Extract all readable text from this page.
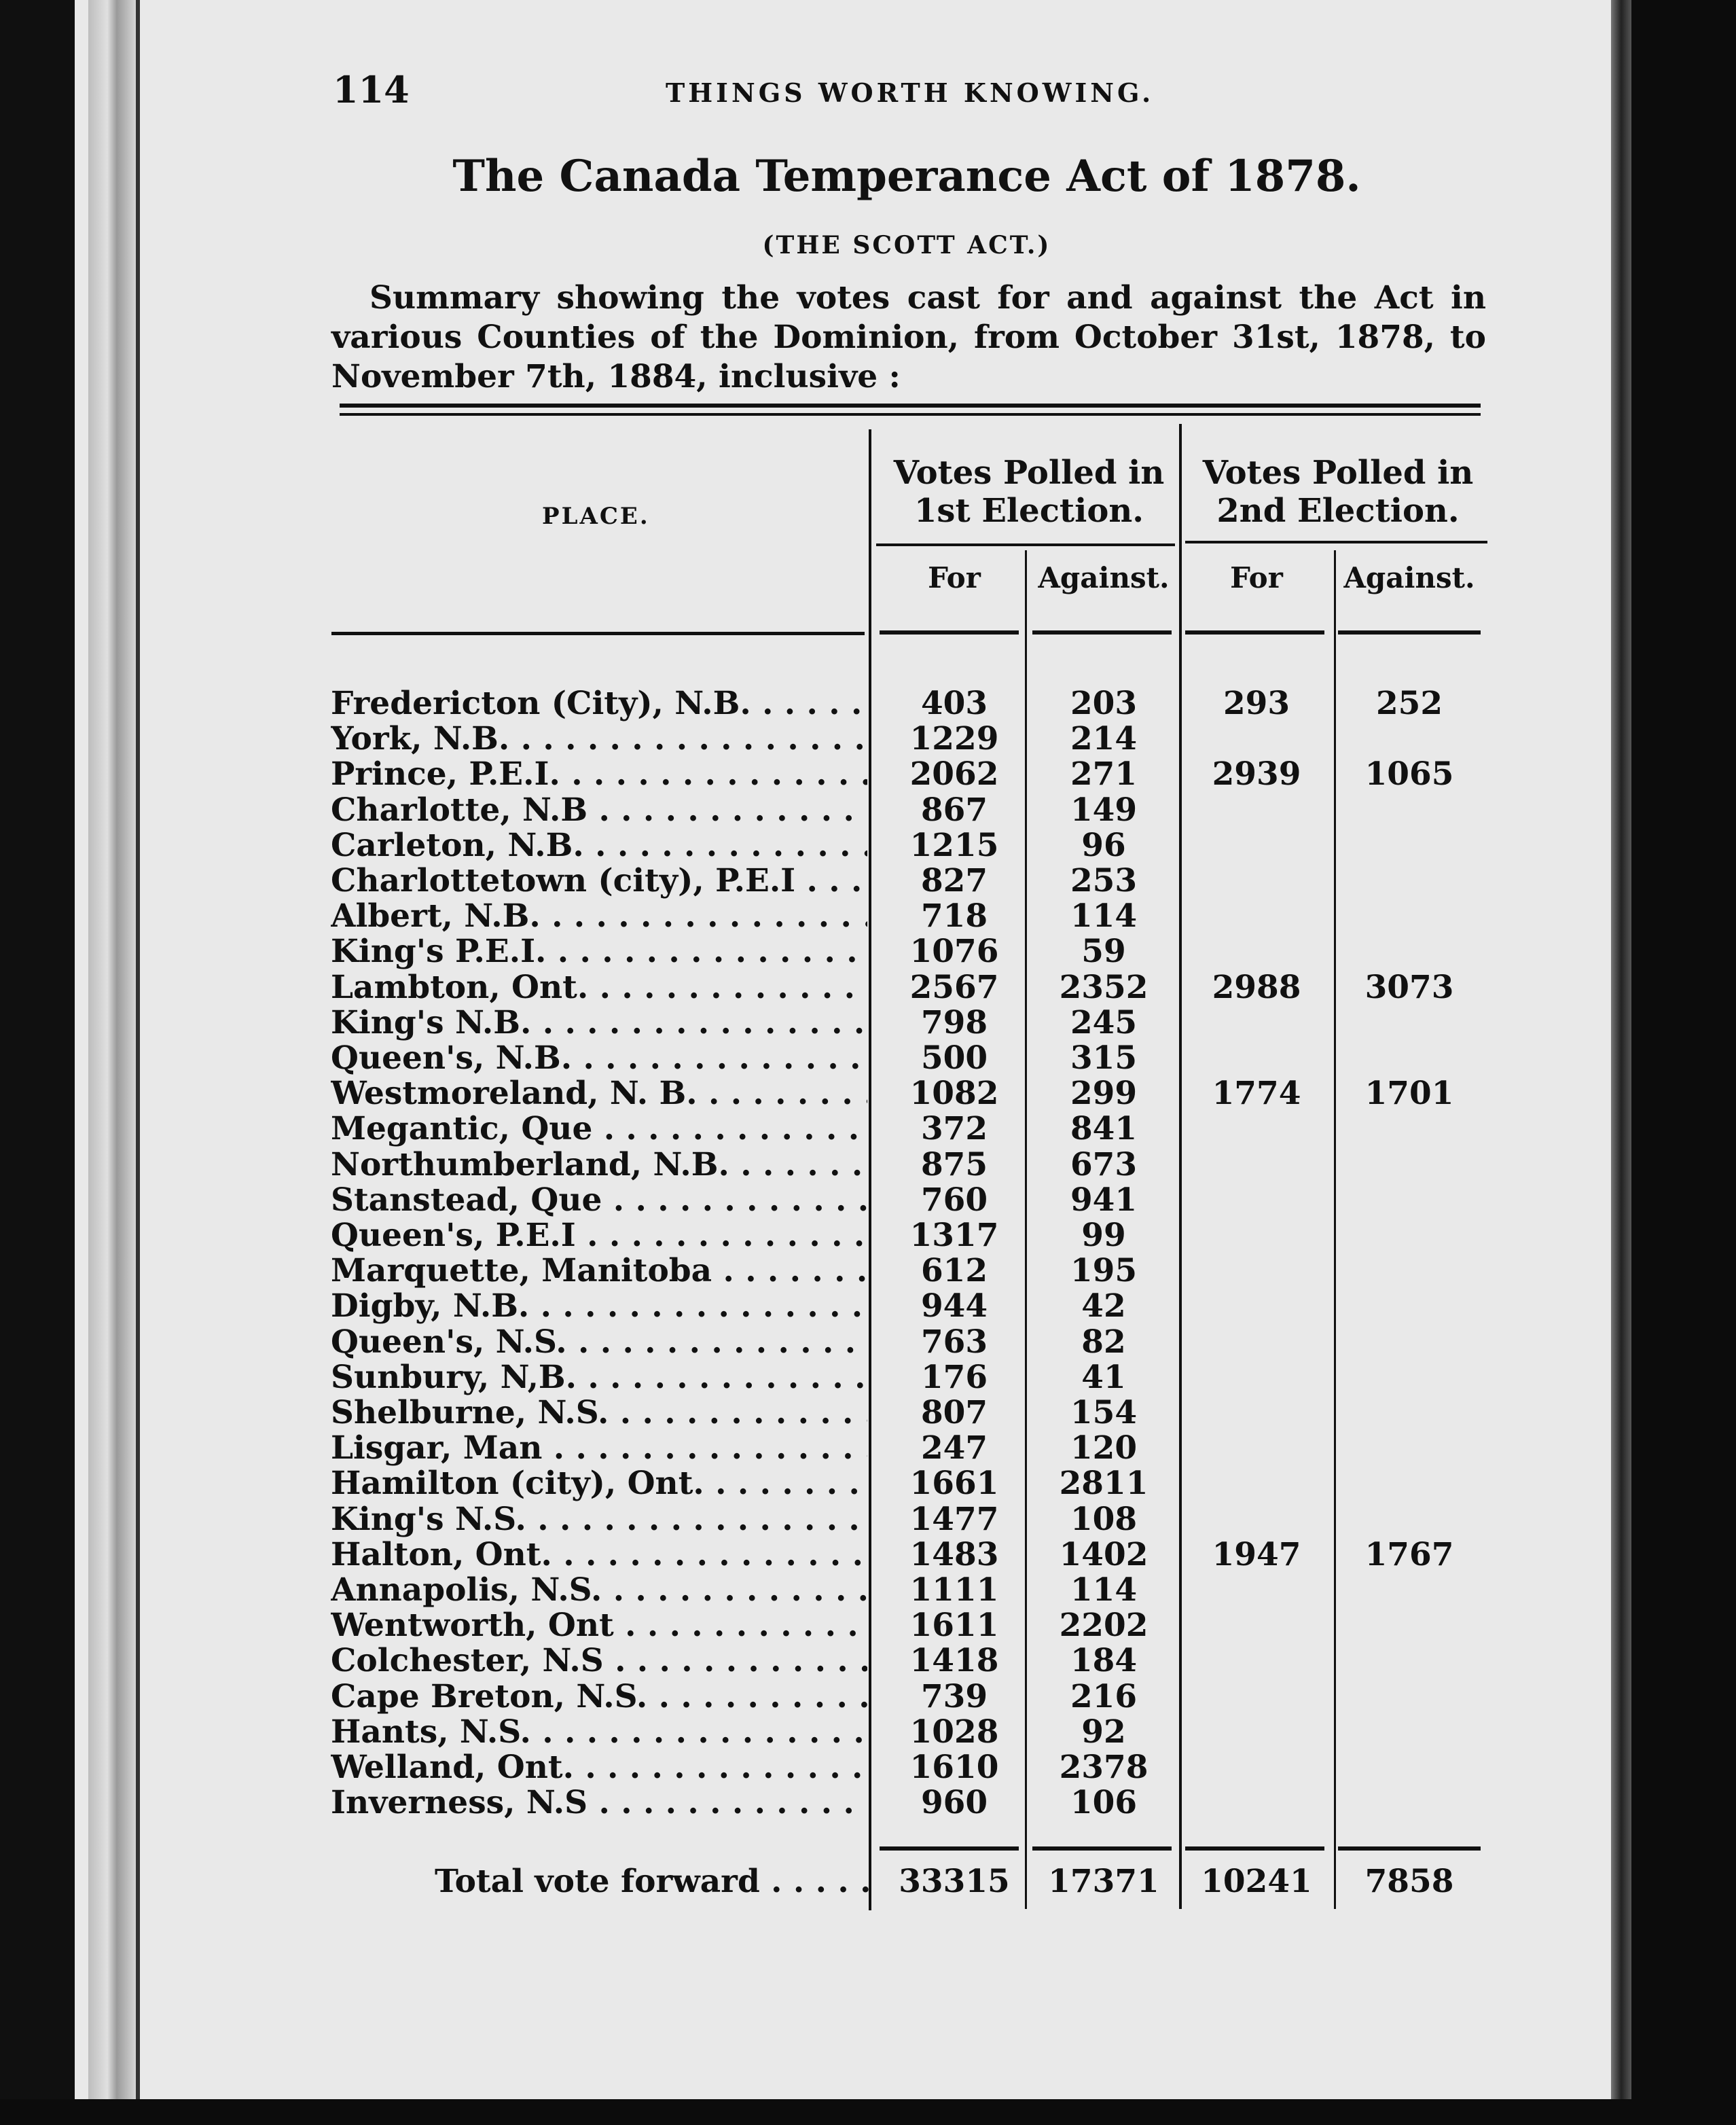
114	THINGS WORTH KNOWING.
The Canada Temperance Act of 1878.
(THE SCOTT ACT.)
Summary showing the votes cast for and against the Act in various Counties of the Dominion, from October 31st, 1878, to November 7th, 1884, inclusive :
PLACE.
Votes Polled in
1st Election.
Votes Polled in
2nd Election.
For	Against.	For	Against.
Fredericton (City), N.B. . . .	403	203	293	252
York, N.B. . . .	1229	214
Prince, P.E.I. . . .	2062	271	2939	1065
Charlotte, N.B . . .	867	149
Carleton, N.B. . . .	1215	96
Charlottetown (city), P.E.I . . .	827	253
Albert, N.B. . . .	718	114
King's P.E.I. . . .	1076	59
Lambton, Ont. . . .	2567	2352	2988	3073
King's N.B. . . .	798	245
Queen's, N.B. . . .	500	315
Westmoreland, N. B. . . .	1082	299	1774	1701
Megantic, Que . . .	372	841
Northumberland, N.B. . . .	875	673
Stanstead, Que . . .	760	941
Queen's, P.E.I . . .	1317	99
Marquette, Manitoba . . .	612	195
Digby, N.B. . . .	944	42
Queen's, N.S. . . .	763	82
Sunbury, N,B. . . .	176	41
Shelburne, N.S. . . .	807	154
Lisgar, Man . . .	247	120
Hamilton (city), Ont. . . .	1661	2811
King's N.S. . . .	1477	108
Halton, Ont. . . .	1483	1402	1947	1767
Annapolis, N.S. . . .	1111	114
Wentworth, Ont . . .	1611	2202
Colchester, N.S . . .	1418	184
Cape Breton, N.S. . . .	739	216
Hants, N.S. . . .	1028	92
Welland, Ont. . . .	1610	2378
Inverness, N.S . . .	960	106
Total vote forward . . . . . 33315	17371	10241	7858
